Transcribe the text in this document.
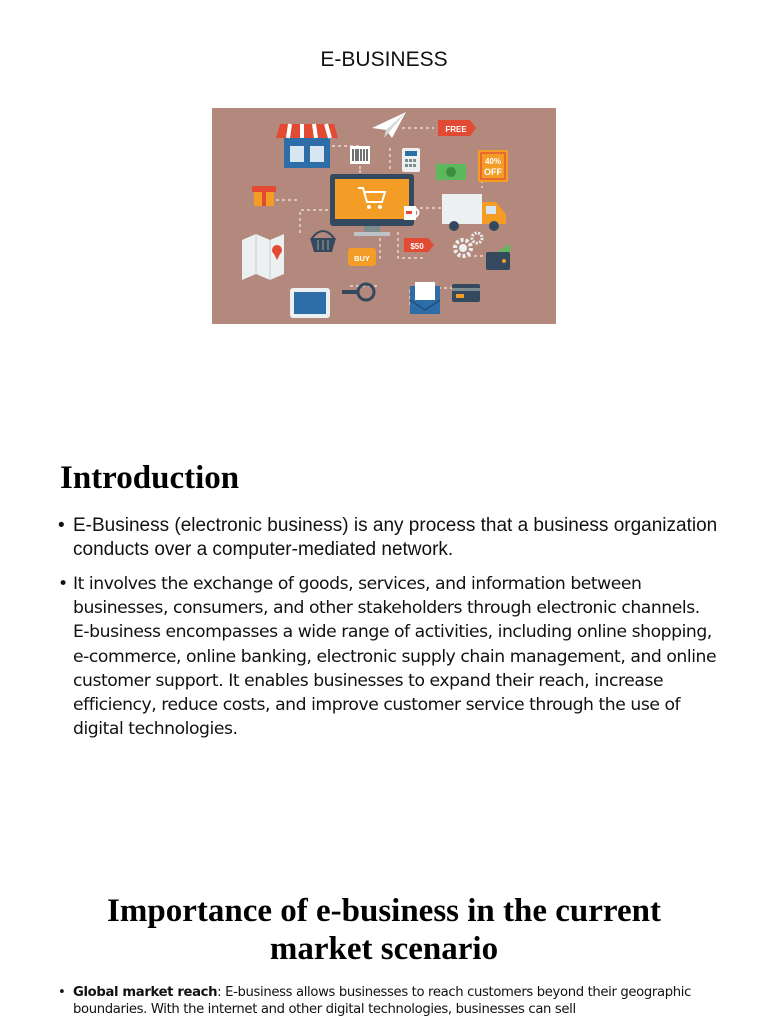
E-BUSINESS
FREE
40%
OFF
BUY
$50
Introduction
• E-Business (electronic business) is any process that a business organization conducts over a computer-mediated network.
• It involves the exchange of goods, services, and information between businesses, consumers, and other stakeholders through electronic channels. E-business encompasses a wide range of activities, including online shopping, e-commerce, online banking, electronic supply chain management, and online customer support. It enables businesses to expand their reach, increase efficiency, reduce costs, and improve customer service through the use of digital technologies.
Importance of e-business in the current market scenario
• Global market reach: E-business allows businesses to reach customers beyond their geographic boundaries. With the internet and other digital technologies, businesses can sell
